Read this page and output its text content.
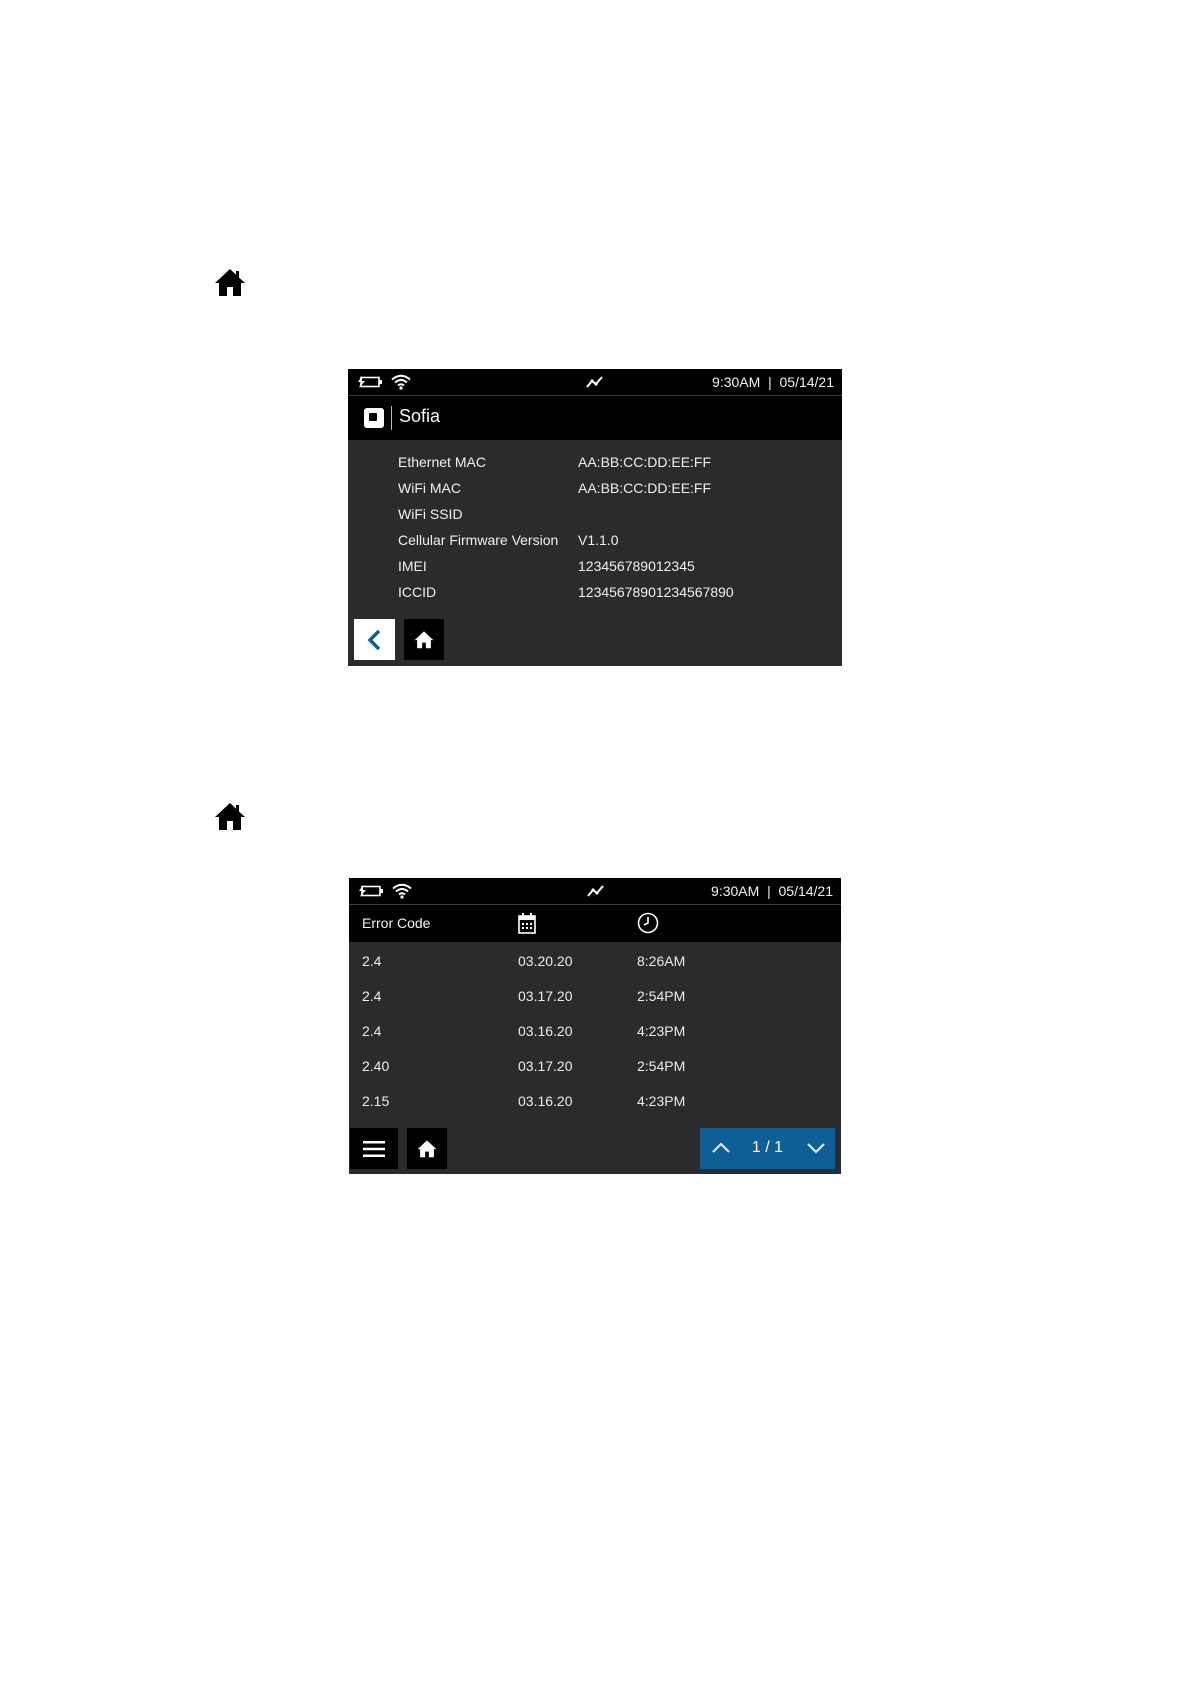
9:30AM  |  05/14/21
Sofia
Ethernet MAC	AA:BB:CC:DD:EE:FF
WiFi MAC	AA:BB:CC:DD:EE:FF
WiFi SSID
Cellular Firmware Version V1.1.0
IMEI	123456789012345
ICCID	12345678901234567890
9:30AM  |  05/14/21
Error Code
2.4	03.20.20	8:26AM
2.4	03.17.20	2:54PM
2.4	03.16.20	4:23PM
2.40	03.17.20	2:54PM
2.15	03.16.20	4:23PM
1 / 1
